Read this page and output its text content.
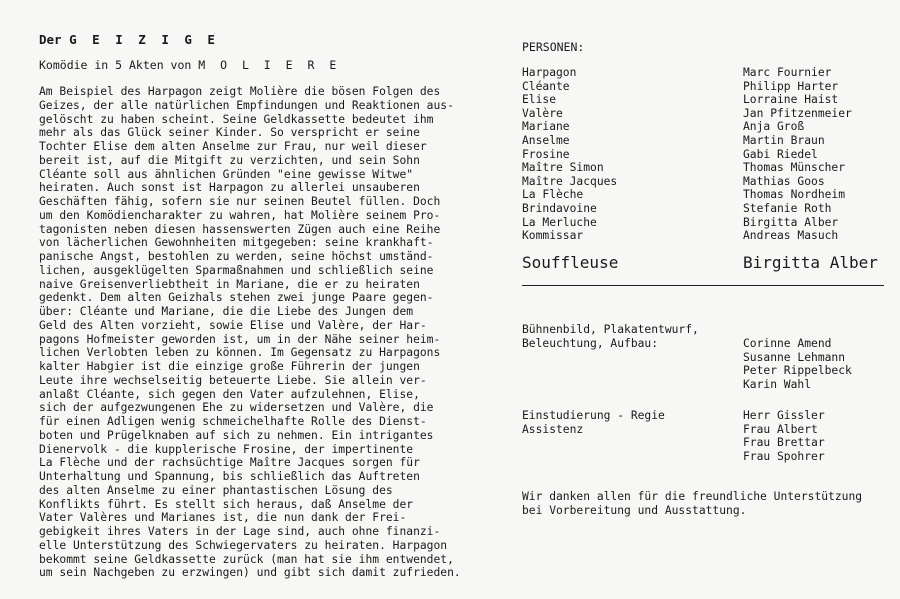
Der G E I Z I G E
Komödie in 5 Akten von M O L I E R E
Am Beispiel des Harpagon zeigt Molière die bösen Folgen des
Geizes, der alle natürlichen Empfindungen und Reaktionen aus-
gelöscht zu haben scheint. Seine Geldkassette bedeutet ihm
mehr als das Glück seiner Kinder. So verspricht er seine
Tochter Elise dem alten Anselme zur Frau, nur weil dieser
bereit ist, auf die Mitgift zu verzichten, und sein Sohn
Cléante soll aus ähnlichen Gründen "eine gewisse Witwe"
heiraten. Auch sonst ist Harpagon zu allerlei unsauberen
Geschäften fähig, sofern sie nur seinen Beutel füllen. Doch
um den Komödiencharakter zu wahren, hat Molière seinem Pro-
tagonisten neben diesen hassenswerten Zügen auch eine Reihe
von lächerlichen Gewohnheiten mitgegeben: seine krankhaft-
panische Angst, bestohlen zu werden, seine höchst umständ-
lichen, ausgeklügelten Sparmaßnahmen und schließlich seine
naive Greisenverliebtheit in Mariane, die er zu heiraten
gedenkt. Dem alten Geizhals stehen zwei junge Paare gegen-
über: Cléante und Mariane, die die Liebe des Jungen dem
Geld des Alten vorzieht, sowie Elise und Valère, der Har-
pagons Hofmeister geworden ist, um in der Nähe seiner heim-
lichen Verlobten leben zu können. Im Gegensatz zu Harpagons
kalter Habgier ist die einzige große Führerin der jungen
Leute ihre wechselseitig beteuerte Liebe. Sie allein ver-
anlaßt Cléante, sich gegen den Vater aufzulehnen, Elise,
sich der aufgezwungenen Ehe zu widersetzen und Valère, die
für einen Adligen wenig schmeichelhafte Rolle des Dienst-
boten und Prügelknaben auf sich zu nehmen. Ein intrigantes
Dienervolk - die kupplerische Frosine, der impertinente
La Flèche und der rachsüchtige Maître Jacques sorgen für
Unterhaltung und Spannung, bis schließlich das Auftreten
des alten Anselme zu einer phantastischen Lösung des
Konflikts führt. Es stellt sich heraus, daß Anselme der
Vater Valères und Marianes ist, die nun dank der Frei-
gebigkeit ihres Vaters in der Lage sind, auch ohne finanzi-
elle Unterstützung des Schwiegervaters zu heiraten. Harpagon
bekommt seine Geldkassette zurück (man hat sie ihm entwendet,
um sein Nachgeben zu erzwingen) und gibt sich damit zufrieden.
PERSONEN:
Harpagon	Marc Fournier
Cléante	Philipp Harter
Elise	Lorraine Haist
Valère	Jan Pfitzenmeier
Mariane	Anja Groß
Anselme	Martin Braun
Frosine	Gabi Riedel
Maître Simon	Thomas Münscher
Maître Jacques	Mathias Goos
La Flèche	Thomas Nordheim
Brindavoine	Stefanie Roth
La Merluche	Birgitta Alber
Kommissar	Andreas Masuch
Souffleuse	Birgitta Alber
Bühnenbild, Plakatentwurf,
Beleuchtung, Aufbau:	Corinne Amend
Susanne Lehmann
Peter Rippelbeck
Karin Wahl
Einstudierung - Regie	Herr Gissler
Assistenz	Frau Albert
Frau Brettar
Frau Spohrer
Wir danken allen für die freundliche Unterstützung
bei Vorbereitung und Ausstattung.
